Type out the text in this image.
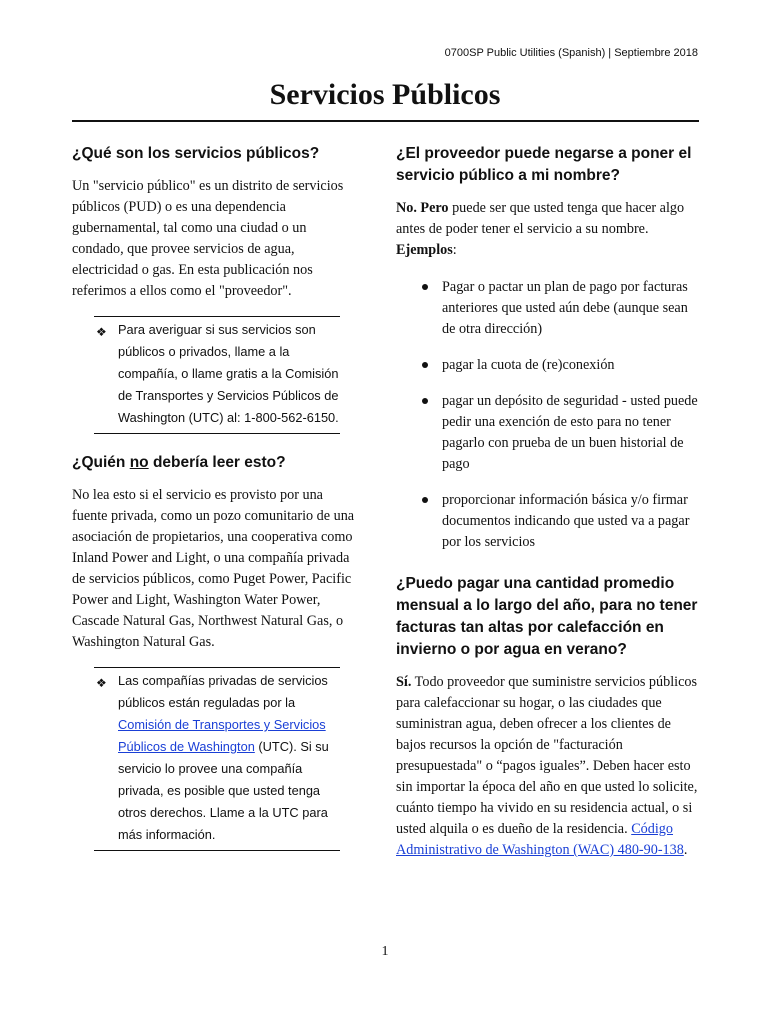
0700SP Public Utilities (Spanish) | Septiembre 2018
Servicios Públicos
¿Qué son los servicios públicos?

Un "servicio público" es un distrito de servicios públicos (PUD) o es una dependencia gubernamental, tal como una ciudad o un condado, que provee servicios de agua, electricidad o gas. En esta publicación nos referimos a ellos como el "proveedor".

❖ Para averiguar si sus servicios son públicos o privados, llame a la compañía, o llame gratis a la Comisión de Transportes y Servicios Públicos de Washington (UTC) al: 1-800-562-6150.
¿Quién no debería leer esto?

No lea esto si el servicio es provisto por una fuente privada, como un pozo comunitario de una asociación de propietarios, una cooperativa como Inland Power and Light, o una compañía privada de servicios públicos, como Puget Power, Pacific Power and Light, Washington Water Power, Cascade Natural Gas, Northwest Natural Gas, o Washington Natural Gas.

❖ Las compañías privadas de servicios públicos están reguladas por la Comisión de Transportes y Servicios Públicos de Washington (UTC). Si su servicio lo provee una compañía privada, es posible que usted tenga otros derechos. Llame a la UTC para más información.
¿El proveedor puede negarse a poner el servicio público a mi nombre?

No. Pero puede ser que usted tenga que hacer algo antes de poder tener el servicio a su nombre. Ejemplos:

Pagar o pactar un plan de pago por facturas anteriores que usted aún debe (aunque sean de otra dirección)
pagar la cuota de (re)conexión
pagar un depósito de seguridad - usted puede pedir una exención de esto para no tener pagarlo con prueba de un buen historial de pago
proporcionar información básica y/o firmar documentos indicando que usted va a pagar por los servicios
¿Puedo pagar una cantidad promedio mensual a lo largo del año, para no tener facturas tan altas por calefacción en invierno o por agua en verano?

Sí. Todo proveedor que suministre servicios públicos para calefaccionar su hogar, o las ciudades que suministran agua, deben ofrecer a los clientes de bajos recursos la opción de "facturación presupuestada" o “pagos iguales”. Deben hacer esto sin importar la época del año en que usted lo solicite, cuánto tiempo ha vivido en su residencia actual, o si usted alquila o es dueño de la residencia. Código Administrativo de Washington (WAC) 480-90-138.

1
